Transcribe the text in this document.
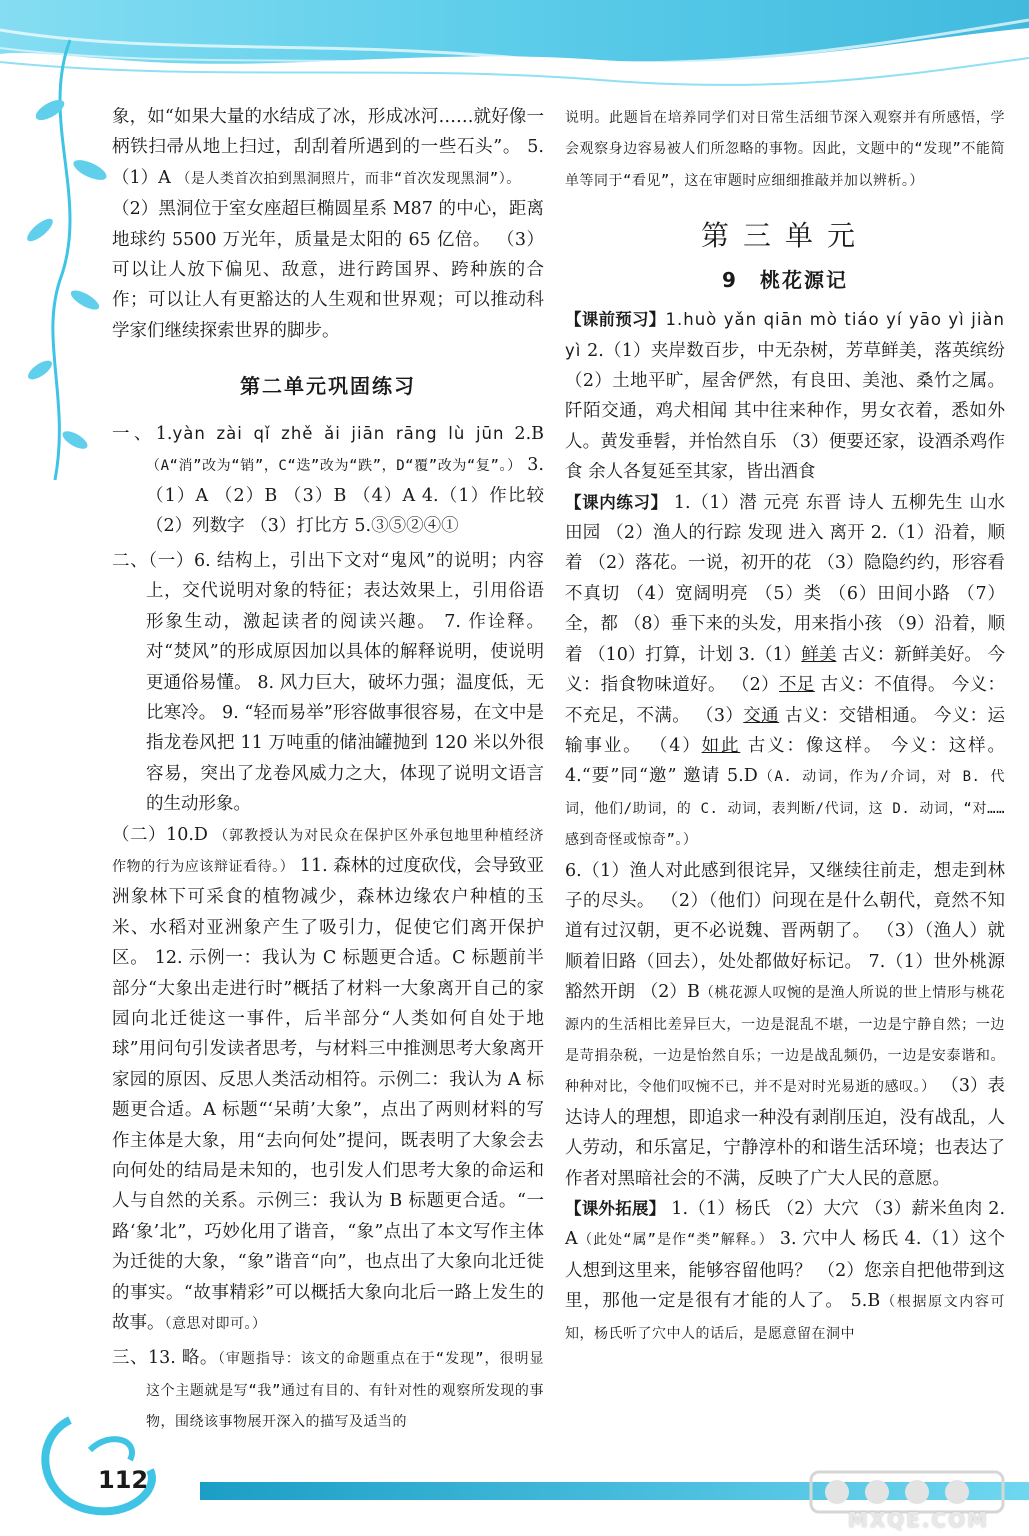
象，如“如果大量的水结成了冰，形成冰河……就好像一柄铁扫帚从地上扫过，刮刮着所遇到的一些石头”。 5.（1）A （是人类首次拍到黑洞照片，而非“首次发现黑洞”）。
（2）黑洞位于室女座超巨椭圆星系 M87 的中心，距离地球约 5500 万光年，质量是太阳的 65 亿倍。 （3）可以让人放下偏见、敌意，进行跨国界、跨种族的合作；可以让人有更豁达的人生观和世界观；可以推动科学家们继续探索世界的脚步。
第二单元巩固练习
一、1.yàn zài qǐ zhě ǎi jiān rāng lù jūn 2.B （A“消”改为“销”，C“迭”改为“跌”，D“覆”改为“复”。） 3.（1）A （2）B （3）B （4）A 4.（1）作比较 （2）列数字 （3）打比方 5.③⑤②④①
二、（一）6. 结构上，引出下文对“鬼风”的说明；内容上，交代说明对象的特征；表达效果上，引用俗语形象生动，激起读者的阅读兴趣。 7. 作诠释。对“焚风”的形成原因加以具体的解释说明，使说明更通俗易懂。 8. 风力巨大，破坏力强；温度低，无比寒冷。 9. “轻而易举”形容做事很容易，在文中是指龙卷风把 11 万吨重的储油罐抛到 120 米以外很容易，突出了龙卷风威力之大，体现了说明文语言的生动形象。
（二）10.D （郭教授认为对民众在保护区外承包地里种植经济作物的行为应该辩证看待。） 11. 森林的过度砍伐，会导致亚洲象林下可采食的植物减少，森林边缘农户种植的玉米、水稻对亚洲象产生了吸引力，促使它们离开保护区。 12. 示例一：我认为 C 标题更合适。C 标题前半部分“大象出走进行时”概括了材料一大象离开自己的家园向北迁徙这一事件，后半部分“人类如何自处于地球”用问句引发读者思考，与材料三中推测思考大象离开家园的原因、反思人类活动相符。示例二：我认为 A 标题更合适。A 标题“‘呆萌’大象”，点出了两则材料的写作主体是大象，用“去向何处”提问，既表明了大象会去向何处的结局是未知的，也引发人们思考大象的命运和人与自然的关系。示例三：我认为 B 标题更合适。“一路‘象’北”，巧妙化用了谐音，“象”点出了本文写作主体为迁徙的大象，“象”谐音“向”，也点出了大象向北迁徙的事实。“故事精彩”可以概括大象向北后一路上发生的故事。（意思对即可。）
三、13. 略。（审题指导：该文的命题重点在于“发现”，很明显这个主题就是写“我”通过有目的、有针对性的观察所发现的事物，围绕该事物展开深入的描写及适当的
说明。此题旨在培养同学们对日常生活细节深入观察并有所感悟，学会观察身边容易被人们所忽略的事物。因此，文题中的“发现”不能简单等同于“看见”，这在审题时应细细推敲并加以辨析。）
第三单元
9　桃花源记
【课前预习】1.huò yǎn qiān mò tiáo yí yāo yì jiàn yì 2.（1）夹岸数百步，中无杂树，芳草鲜美，落英缤纷 （2）土地平旷，屋舍俨然，有良田、美池、桑竹之属。阡陌交通，鸡犬相闻 其中往来种作，男女衣着，悉如外人。黄发垂髫，并怡然自乐 （3）便要还家，设酒杀鸡作食 余人各复延至其家，皆出酒食
【课内练习】 1.（1）潜 元亮 东晋 诗人 五柳先生 山水田园 （2）渔人的行踪 发现 进入 离开 2.（1）沿着，顺着 （2）落花。一说，初开的花 （3）隐隐约约，形容看不真切 （4）宽阔明亮 （5）类 （6）田间小路 （7）全，都 （8）垂下来的头发，用来指小孩 （9）沿着，顺着 （10）打算，计划 3.（1）鲜美 古义：新鲜美好。 今义：指食物味道好。 （2）不足 古义：不值得。 今义：不充足，不满。 （3）交通 古义：交错相通。 今义：运输事业。 （4）如此 古义：像这样。 今义：这样。 4.“要”同“邀” 邀请 5.D（A. 动词，作为/介词，对 B. 代词，他们/助词，的 C. 动词，表判断/代词，这 D. 动词，“对……感到奇怪或惊奇”。）
6.（1）渔人对此感到很诧异，又继续往前走，想走到林子的尽头。 （2）（他们）问现在是什么朝代，竟然不知道有过汉朝，更不必说魏、晋两朝了。 （3）（渔人）就顺着旧路（回去），处处都做好标记。 7.（1）世外桃源 豁然开朗 （2）B（桃花源人叹惋的是渔人所说的世上情形与桃花源内的生活相比差异巨大，一边是混乱不堪，一边是宁静自然；一边是苛捐杂税，一边是怡然自乐；一边是战乱频仍，一边是安泰谐和。种种对比，令他们叹惋不已，并不是对时光易逝的感叹。） （3）表达诗人的理想，即追求一种没有剥削压迫，没有战乱，人人劳动，和乐富足，宁静淳朴的和谐生活环境；也表达了作者对黑暗社会的不满，反映了广大人民的意愿。
【课外拓展】 1.（1）杨氏 （2）大穴 （3）薪米鱼肉 2.A（此处“属”是作“类”解释。） 3. 穴中人 杨氏 4.（1）这个人想到这里来，能够容留他吗？ （2）您亲自把他带到这里，那他一定是很有才能的人了。 5.B（根据原文内容可知，杨氏听了穴中人的话后，是愿意留在洞中
112
MXQE.COM
